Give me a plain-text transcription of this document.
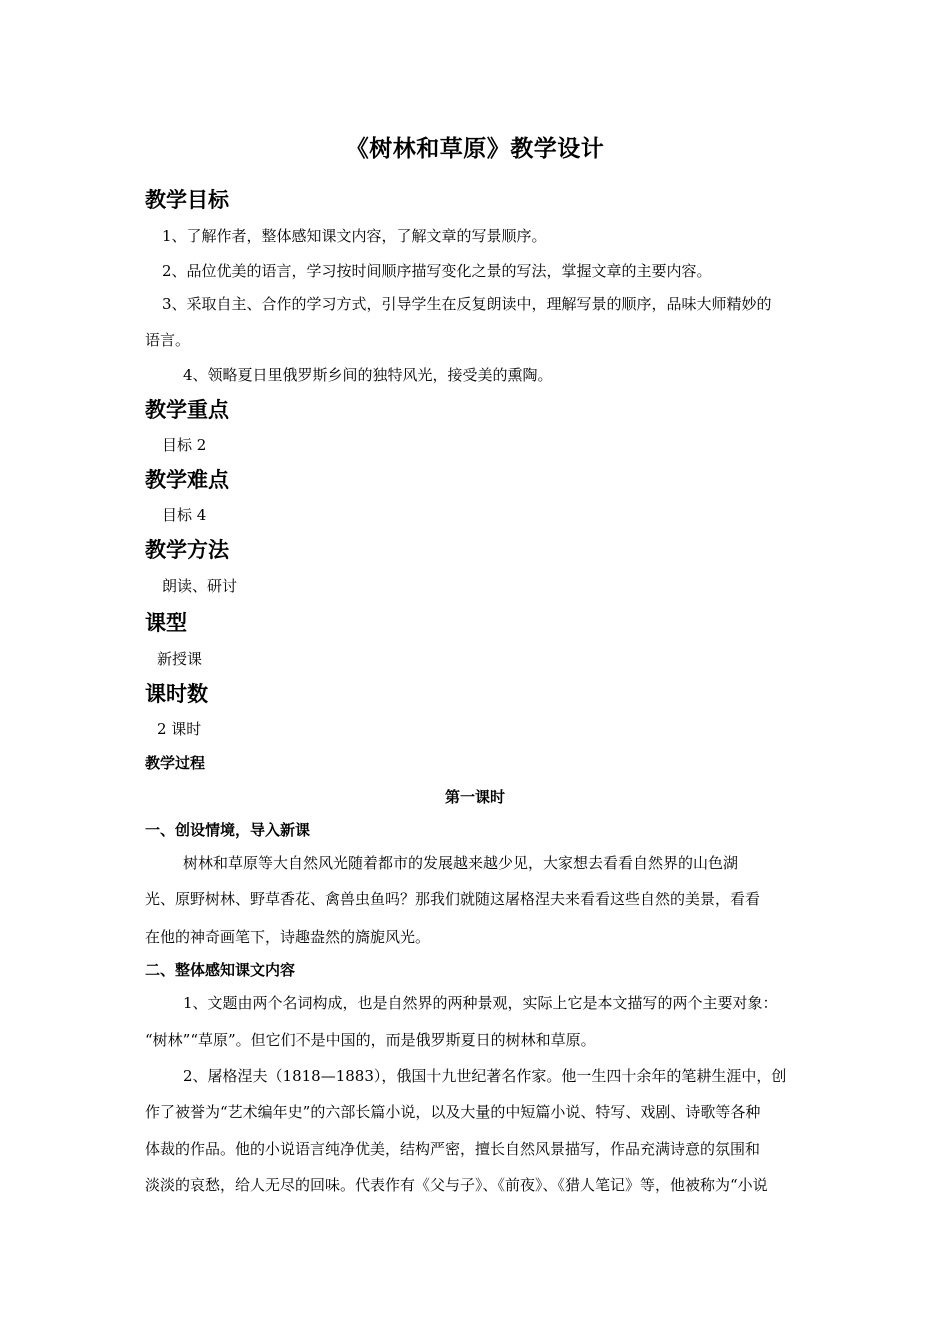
《树林和草原》教学设计
教学目标
1、了解作者，整体感知课文内容，了解文章的写景顺序。
2、品位优美的语言，学习按时间顺序描写变化之景的写法，掌握文章的主要内容。
3、采取自主、合作的学习方式，引导学生在反复朗读中，理解写景的顺序，品味大师精妙的
语言。
4、领略夏日里俄罗斯乡间的独特风光，接受美的熏陶。
教学重点
目标 2
教学难点
目标 4
教学方法
朗读、研讨
课型
新授课
课时数
2 课时
教学过程
第一课时
一、创设情境，导入新课
树林和草原等大自然风光随着都市的发展越来越少见，大家想去看看自然界的山色湖
光、原野树林、野草香花、禽兽虫鱼吗？那我们就随这屠格涅夫来看看这些自然的美景，看看
在他的神奇画笔下，诗趣盎然的旖旎风光。
二、整体感知课文内容
1、文题由两个名词构成，也是自然界的两种景观，实际上它是本文描写的两个主要对象：
“树林”“草原”。但它们不是中国的，而是俄罗斯夏日的树林和草原。
2、屠格涅夫（1818—1883），俄国十九世纪著名作家。他一生四十余年的笔耕生涯中，创
作了被誉为“艺术编年史”的六部长篇小说，以及大量的中短篇小说、特写、戏剧、诗歌等各种
体裁的作品。他的小说语言纯净优美，结构严密，擅长自然风景描写，作品充满诗意的氛围和
淡淡的哀愁，给人无尽的回味。代表作有《父与子》、《前夜》、《猎人笔记》等，他被称为“小说
